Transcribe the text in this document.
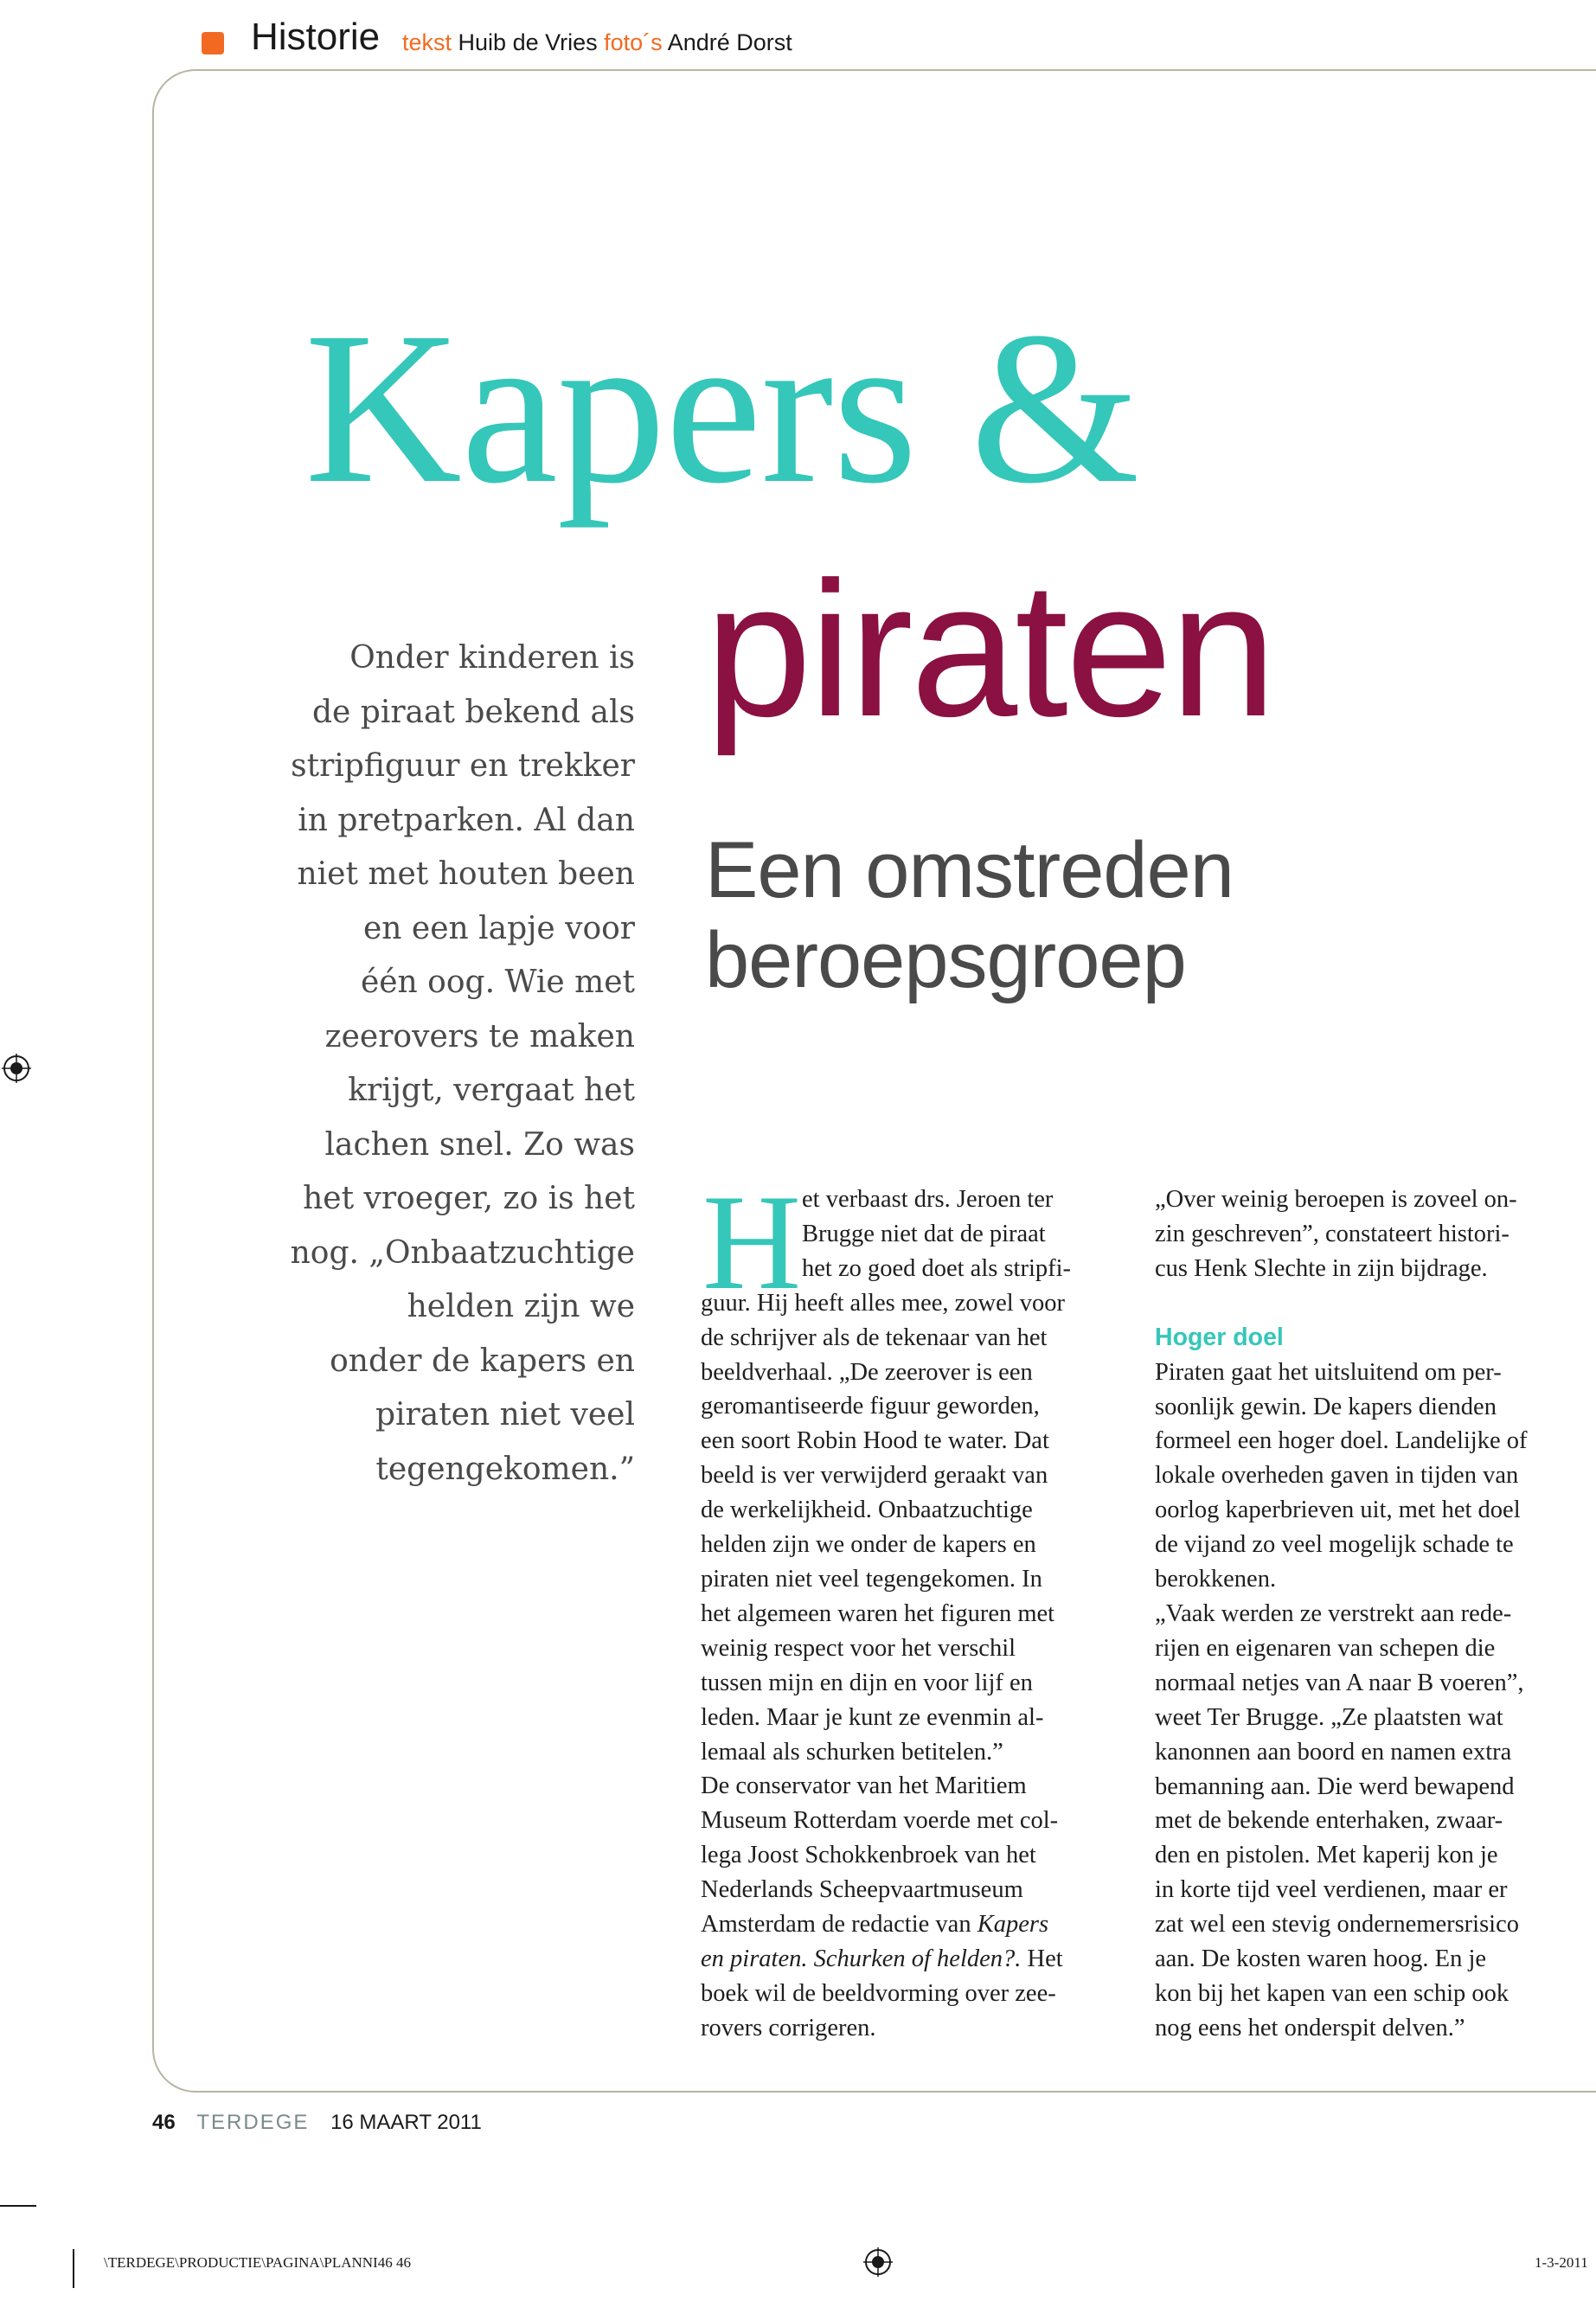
Historie tekst Huib de Vries foto´s André Dorst
Kapers &
piraten
Een omstreden
beroepsgroep
Onder kinderen is
de piraat bekend als
stripfiguur en trekker
in pretparken. Al dan
niet met houten been
en een lapje voor
één oog. Wie met
zeerovers te maken
krijgt, vergaat het
lachen snel. Zo was
het vroeger, zo is het
nog. „Onbaatzuchtige
helden zijn we
onder de kapers en
piraten niet veel
tegengekomen.”
H et verbaast drs. Jeroen ter

Brugge niet dat de piraat

het zo goed doet als stripfi-

guur. Hij heeft alles mee, zowel voor

de schrijver als de tekenaar van het

beeldverhaal. „De zeerover is een

geromantiseerde figuur geworden,

een soort Robin Hood te water. Dat

beeld is ver verwijderd geraakt van

de werkelijkheid. Onbaatzuchtige

helden zijn we onder de kapers en

piraten niet veel tegengekomen. In

het algemeen waren het figuren met

weinig respect voor het verschil

tussen mijn en dijn en voor lijf en

leden. Maar je kunt ze evenmin al-

lemaal als schurken betitelen.”

De conservator van het Maritiem

Museum Rotterdam voerde met col-

lega Joost Schokkenbroek van het

Nederlands Scheepvaartmuseum

Amsterdam de redactie van Kapers

en piraten. Schurken of helden?. Het

boek wil de beeldvorming over zee-

rovers corrigeren.

„Over weinig beroepen is zoveel on-

zin geschreven”, constateert histori-

cus Henk Slechte in zijn bijdrage.

Hoger doel

Piraten gaat het uitsluitend om per-

soonlijk gewin. De kapers dienden

formeel een hoger doel. Landelijke of

lokale overheden gaven in tijden van

oorlog kaperbrieven uit, met het doel

de vijand zo veel mogelijk schade te

berokkenen.

„Vaak werden ze verstrekt aan rede-

rijen en eigenaren van schepen die

normaal netjes van A naar B voeren”,

weet Ter Brugge. „Ze plaatsten wat

kanonnen aan boord en namen extra

bemanning aan. Die werd bewapend

met de bekende enterhaken, zwaar-

den en pistolen. Met kaperij kon je

in korte tijd veel verdienen, maar er

zat wel een stevig ondernemersrisico

aan. De kosten waren hoog. En je

kon bij het kapen van een schip ook

nog eens het onderspit delven.”

46 TERDEGE 16 MAART 2011
\TERDEGE\PRODUCTIE\PAGINA\PLANNI46 46	1-3-2011
